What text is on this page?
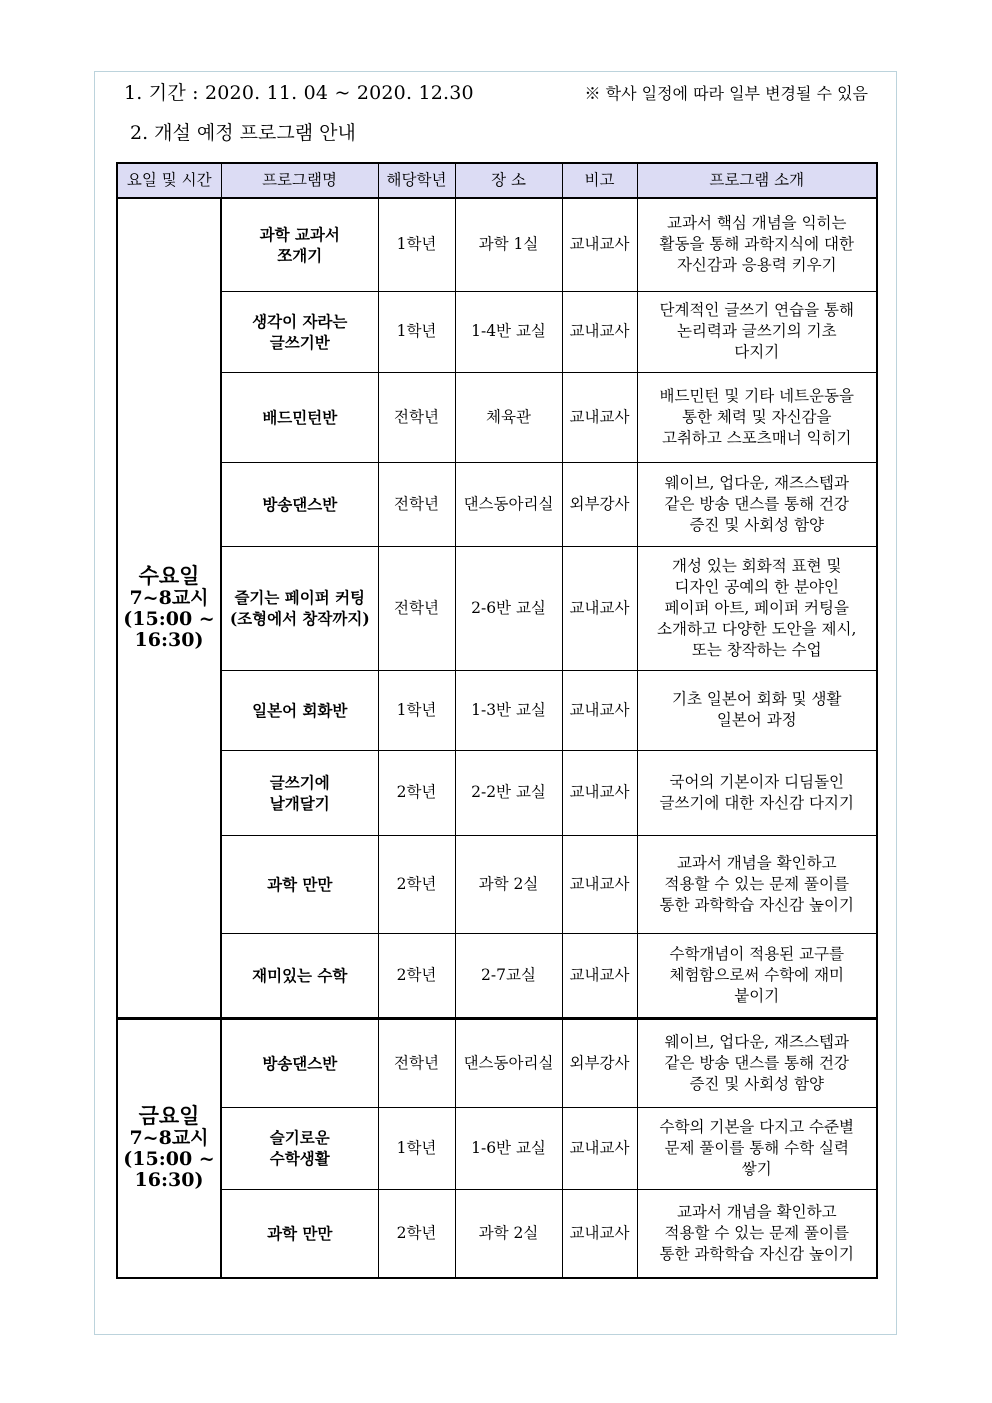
1. 기간 : 2020. 11. 04 ~ 2020. 12.30	※ 학사 일정에 따라 일부 변경될 수 있음
2. 개설 예정 프로그램 안내
요일 및 시간	프로그램명	해당학년	장 소	비고	프로그램 소개
수요일
7~8교시
(15:00 ~
16:30)	과학 교과서
쪼개기	1학년	과학 1실	교내교사	교과서 핵심 개념을 익히는
활동을 통해 과학지식에 대한
자신감과 응용력 키우기
	생각이 자라는
글쓰기반	1학년	1-4반 교실	교내교사	단계적인 글쓰기 연습을 통해
논리력과 글쓰기의 기초
다지기
	배드민턴반	전학년	체육관	교내교사	배드민턴 및 기타 네트운동을
통한 체력 및 자신감을
고취하고 스포츠매너 익히기
	방송댄스반	전학년	댄스동아리실	외부강사	웨이브, 업다운, 재즈스텝과
같은 방송 댄스를 통해 건강
증진 및 사회성 함양
	즐기는 페이퍼 커팅
(조형에서 창작까지)	전학년	2-6반 교실	교내교사	개성 있는 회화적 표현 및
디자인 공예의 한 분야인
페이퍼 아트, 페이퍼 커팅을
소개하고 다양한 도안을 제시,
또는 창작하는 수업
	일본어 회화반	1학년	1-3반 교실	교내교사	기초 일본어 회화 및 생활
일본어 과정
	글쓰기에
날개달기	2학년	2-2반 교실	교내교사	국어의 기본이자 디딤돌인
글쓰기에 대한 자신감 다지기
	과학 만만	2학년	과학 2실	교내교사	교과서 개념을 확인하고
적용할 수 있는 문제 풀이를
통한 과학학습 자신감 높이기
	재미있는 수학	2학년	2-7교실	교내교사	수학개념이 적용된 교구를
체험함으로써 수학에 재미
붙이기
금요일
7~8교시
(15:00 ~
16:30)	방송댄스반	전학년	댄스동아리실	외부강사	웨이브, 업다운, 재즈스텝과
같은 방송 댄스를 통해 건강
증진 및 사회성 함양
	슬기로운
수학생활	1학년	1-6반 교실	교내교사	수학의 기본을 다지고 수준별
문제 풀이를 통해 수학 실력
쌓기
	과학 만만	2학년	과학 2실	교내교사	교과서 개념을 확인하고
적용할 수 있는 문제 풀이를
통한 과학학습 자신감 높이기
